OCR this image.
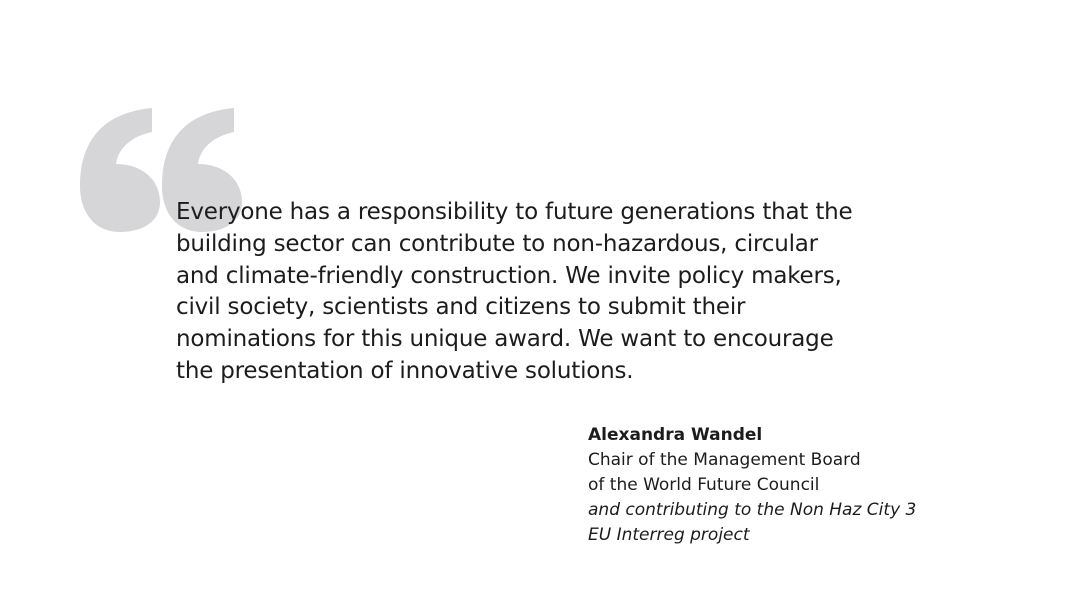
Everyone has a responsibility to future generations that the
building sector can contribute to non-hazardous, circular
and climate-friendly construction. We invite policy makers,
civil society, scientists and citizens to submit their
nominations for this unique award. We want to encourage
the presentation of innovative solutions.

Alexandra Wandel
Chair of the Management Board
of the World Future Council
and contributing to the Non Haz City 3
EU Interreg project
